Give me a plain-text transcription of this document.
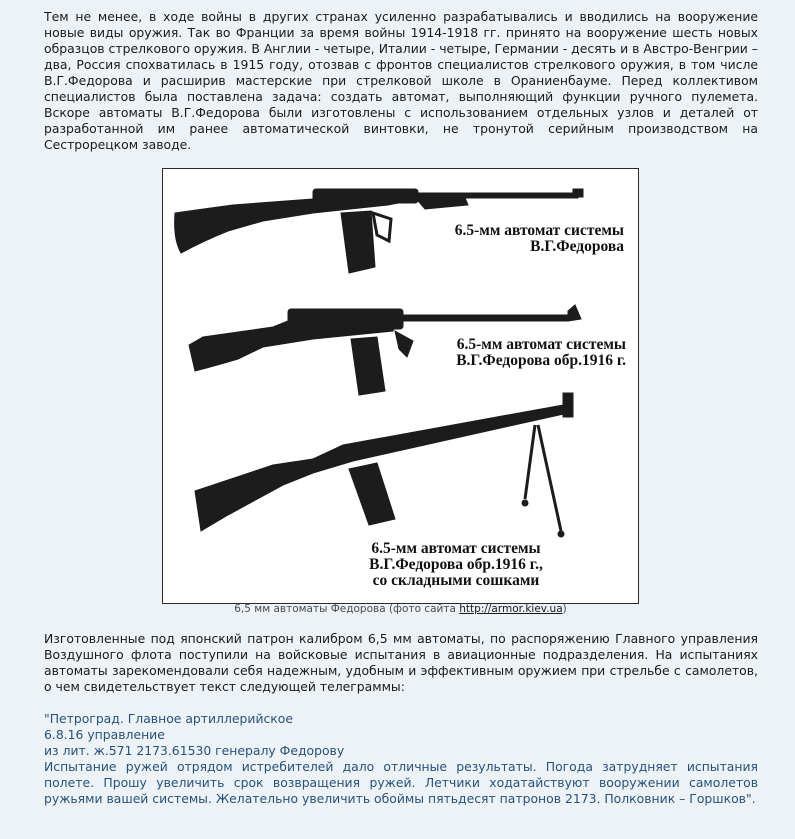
Тем не менее, в ходе войны в других странах усиленно разрабатывались и вводились на вооружение новые виды оружия. Так во Франции за время войны 1914-1918 гг. принято на вооружение шесть новых образцов стрелкового оружия. В Англии - четыре, Италии - четыре, Германии - десять и в Австро-Венгрии – два, Россия спохватилась в 1915 году, отозвав с фронтов специалистов стрелкового оружия, в том числе В.Г.Федорова и расширив мастерские при стрелковой школе в Ораниенбауме. Перед коллективом специалистов была поставлена задача: создать автомат, выполняющий функции ручного пулемета. Вскоре автоматы В.Г.Федорова были изготовлены с использованием отдельных узлов и деталей от разработанной им ранее автоматической винтовки, не тронутой серийным производством на Сестрорецком заводе.

6.5-мм автомат системы
В.Г.Федорова
6.5-мм автомат системы
В.Г.Федорова обр.1916 г.
6.5-мм автомат системы
В.Г.Федорова обр.1916 г.,
со складными сошками
6,5 мм автоматы Федорова (фото сайта http://armor.kiev.ua)

Изготовленные под японский патрон калибром 6,5 мм автоматы, по распоряжению Главного управления Воздушного флота поступили на войсковые испытания в авиационные подразделения. На испытаниях автоматы зарекомендовали себя надежным, удобным и эффективным оружием при стрельбе с самолетов, о чем свидетельствует текст следующей телеграммы:

"Петроград. Главное артиллерийское
6.8.16 управление
из лит. ж.571 2173.61530 генералу Федорову
Испытание ружей отрядом истребителей дало отличные результаты. Погода затрудняет испытания полете. Прошу увеличить срок возвращения ружей. Летчики ходатайствуют вооружении самолетов ружьями вашей системы. Желательно увеличить обоймы пятьдесят патронов 2173. Полковник – Горшков".
